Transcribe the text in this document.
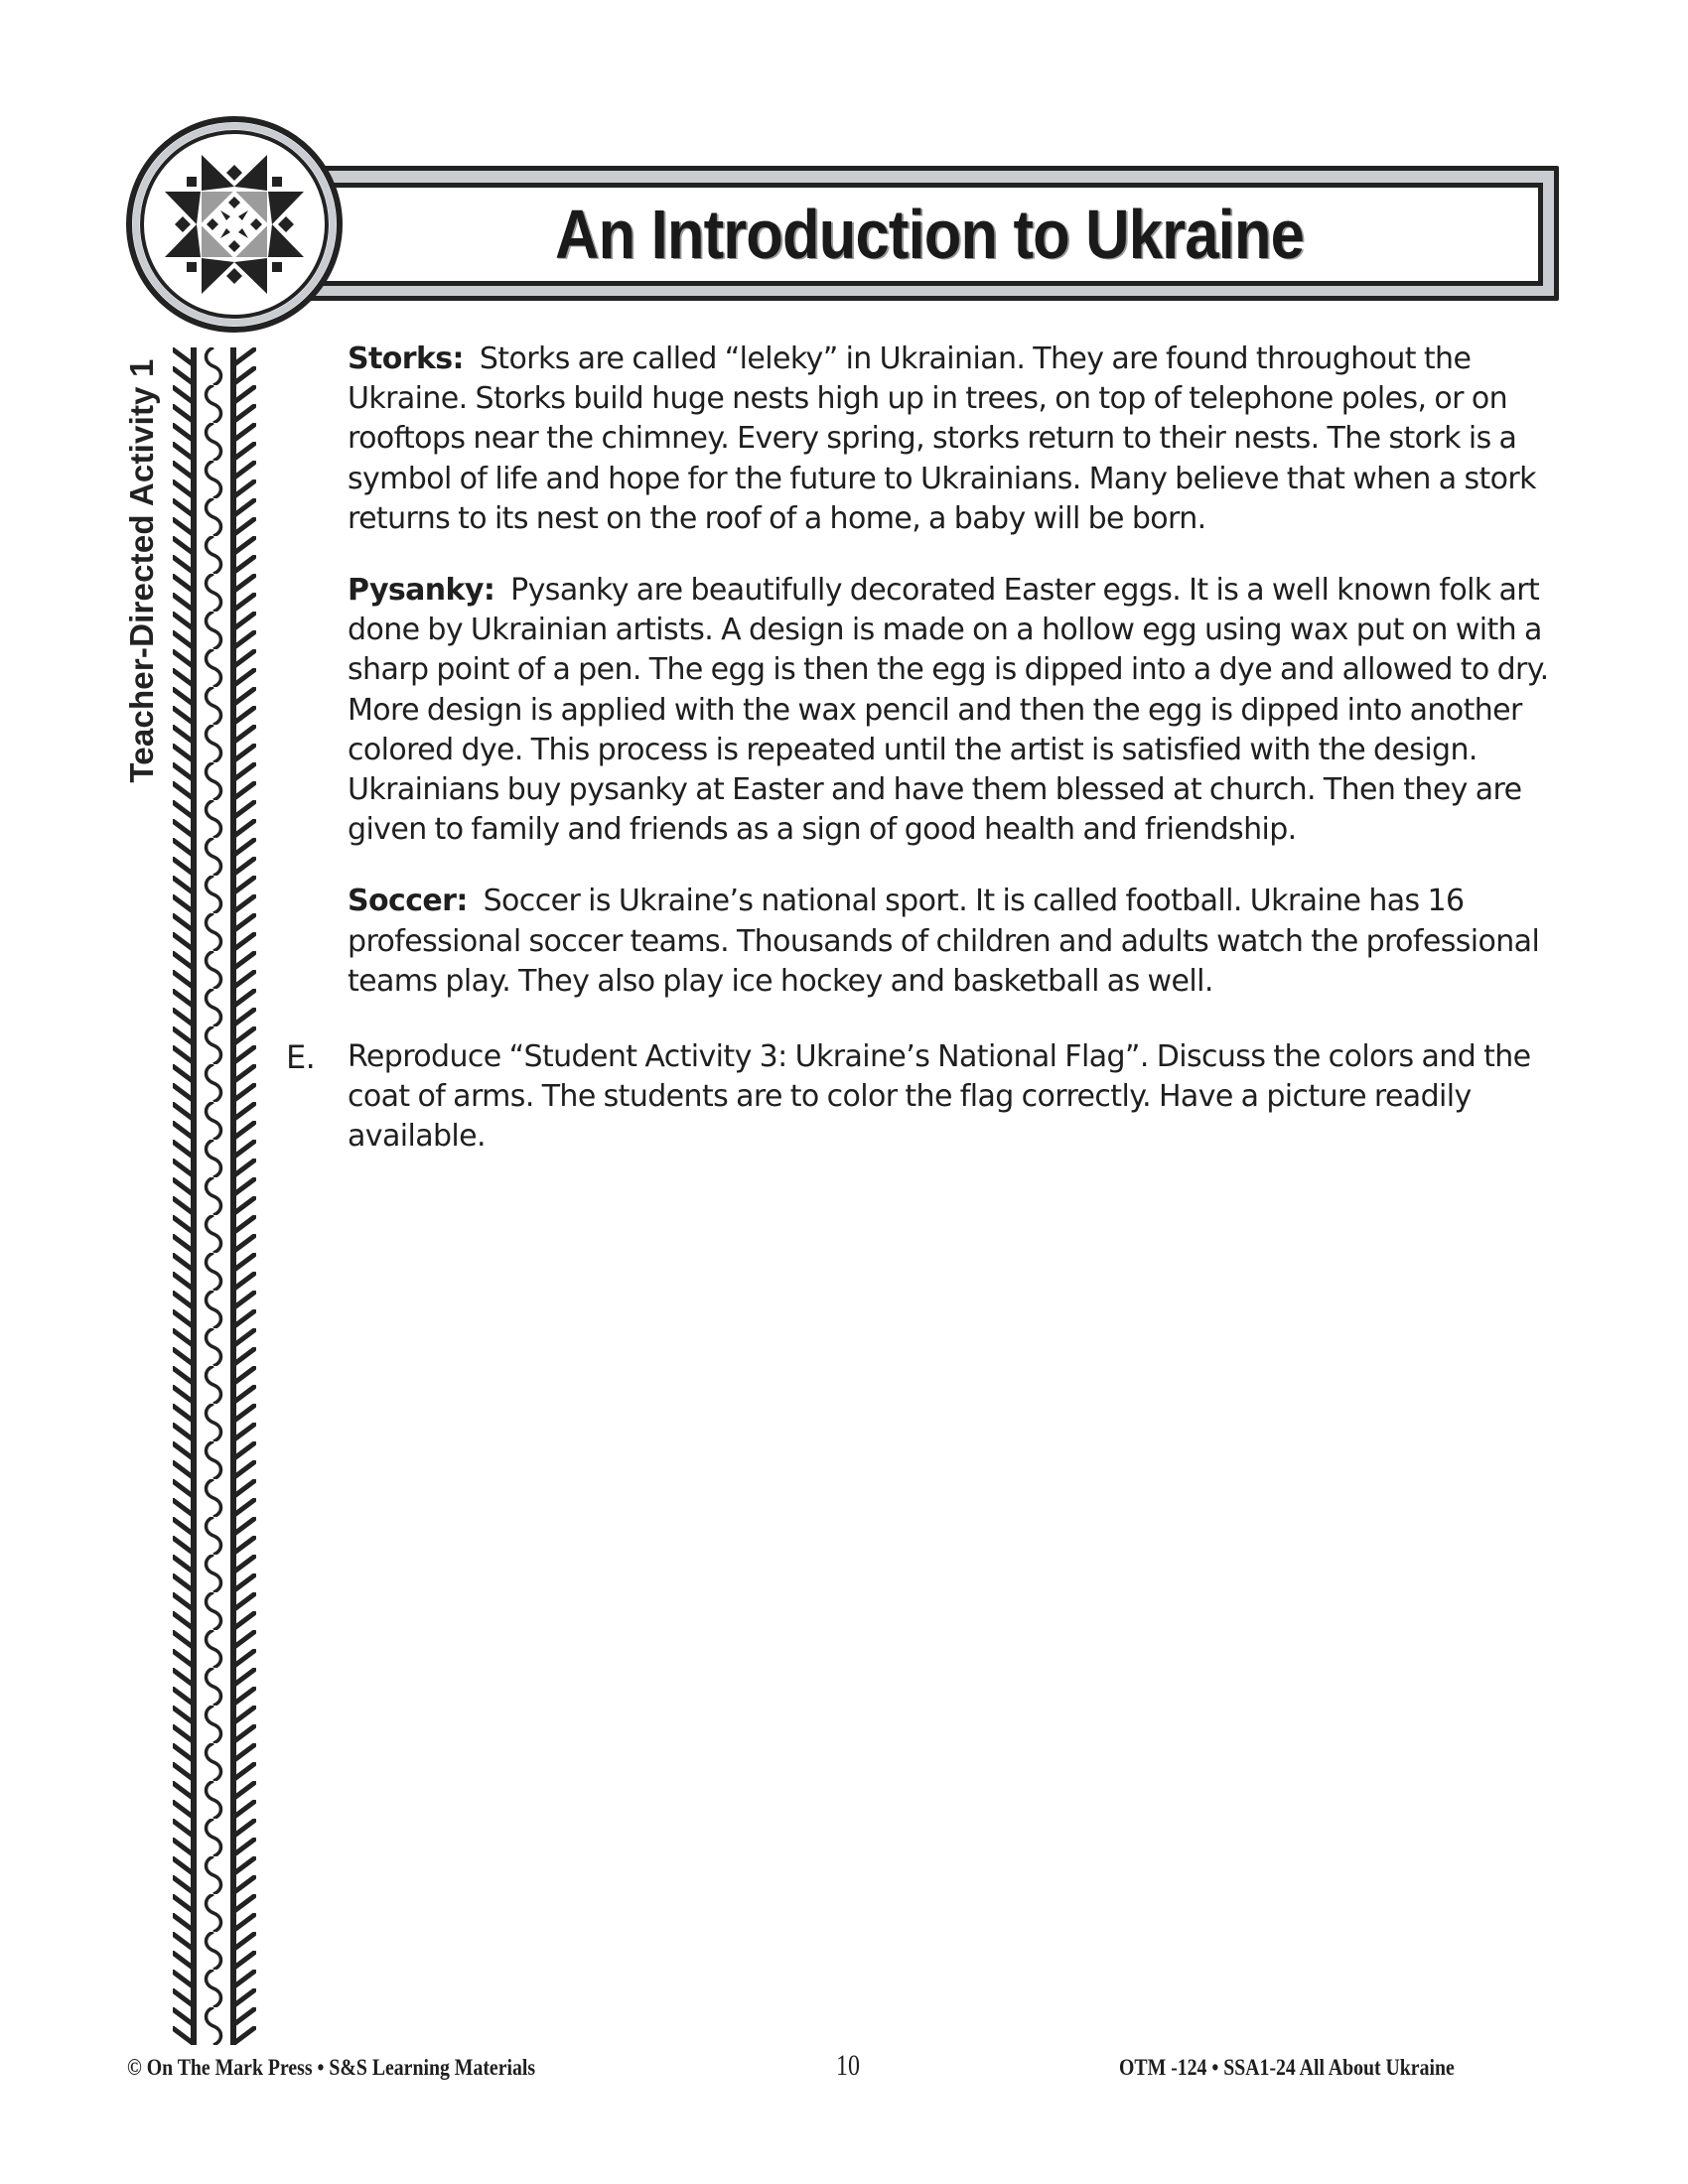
An Introduction to Ukraine
Teacher-Directed Activity 1	Storks: Storks are called “leleky” in Ukrainian. They are found throughout the Ukraine. Storks build huge nests high up in trees, on top of telephone poles, or on rooftops near the chimney. Every spring, storks return to their nests. The stork is a symbol of life and hope for the future to Ukrainians. Many believe that when a stork returns to its nest on the roof of a home, a baby will be born.

Pysanky: Pysanky are beautifully decorated Easter eggs. It is a well known folk art done by Ukrainian artists. A design is made on a hollow egg using wax put on with a sharp point of a pen. The egg is then the egg is dipped into a dye and allowed to dry. More design is applied with the wax pencil and then the egg is dipped into another colored dye. This process is repeated until the artist is satisfied with the design. Ukrainians buy pysanky at Easter and have them blessed at church. Then they are given to family and friends as a sign of good health and friendship.

Soccer: Soccer is Ukraine’s national sport. It is called football. Ukraine has 16 professional soccer teams. Thousands of children and adults watch the professional teams play. They also play ice hockey and basketball as well.

E. Reproduce “Student Activity 3: Ukraine’s National Flag”. Discuss the colors and the coat of arms. The students are to color the flag correctly. Have a picture readily available.
© On The Mark Press • S&S Learning Materials	10	OTM -124 • SSA1-24 All About Ukraine
